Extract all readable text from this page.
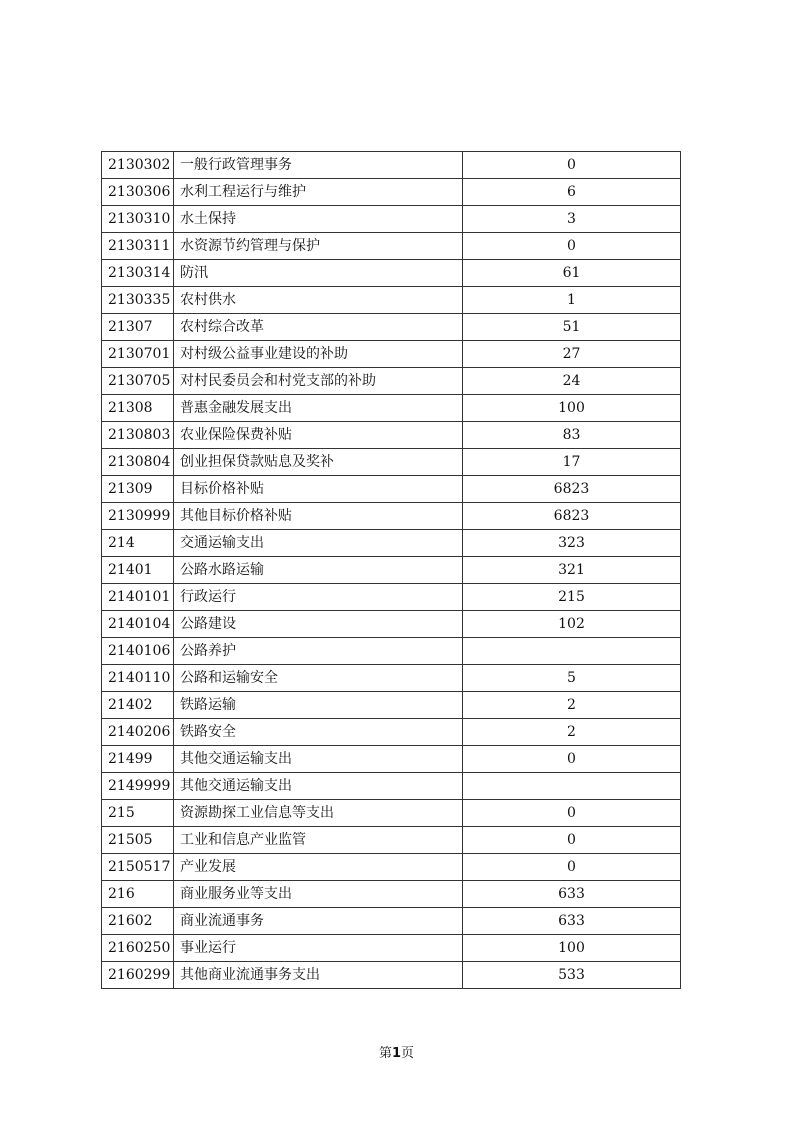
2130302	一般行政管理事务	0
2130306	水利工程运行与维护	6
2130310	水土保持	3
2130311	水资源节约管理与保护	0
2130314	防汛	61
2130335	农村供水	1
21307	农村综合改革	51
2130701	对村级公益事业建设的补助	27
2130705	对村民委员会和村党支部的补助	24
21308	普惠金融发展支出	100
2130803	农业保险保费补贴	83
2130804	创业担保贷款贴息及奖补	17
21309	目标价格补贴	6823
2130999	其他目标价格补贴	6823
214	交通运输支出	323
21401	公路水路运输	321
2140101	行政运行	215
2140104	公路建设	102
2140106	公路养护	
2140110	公路和运输安全	5
21402	铁路运输	2
2140206	铁路安全	2
21499	其他交通运输支出	0
2149999	其他交通运输支出	
215	资源勘探工业信息等支出	0
21505	工业和信息产业监管	0
2150517	产业发展	0
216	商业服务业等支出	633
21602	商业流通事务	633
2160250	事业运行	100
2160299	其他商业流通事务支出	533
第1页
